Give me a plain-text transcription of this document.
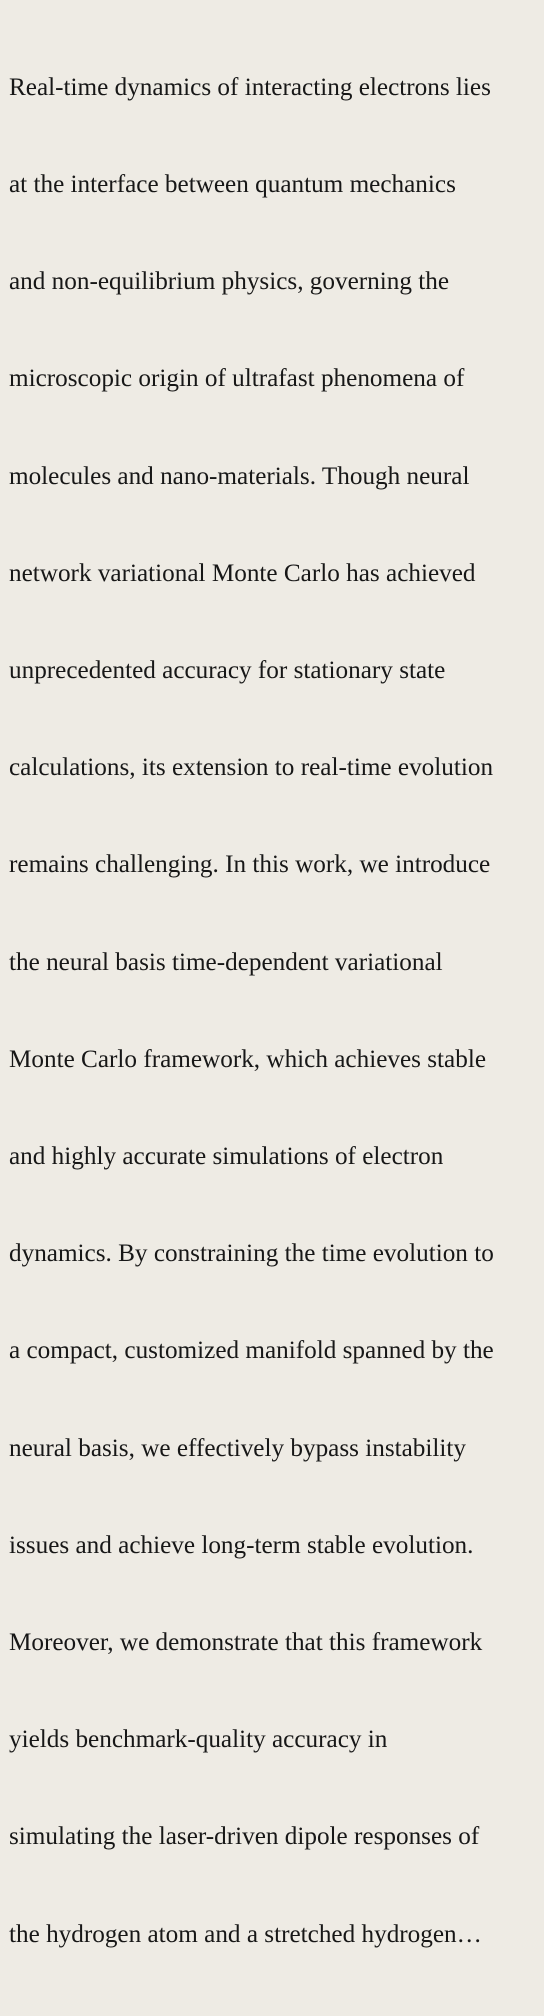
Real-time dynamics of interacting electrons lies

at the interface between quantum mechanics

and non-equilibrium physics, governing the

microscopic origin of ultrafast phenomena of

molecules and nano-materials. Though neural

network variational Monte Carlo has achieved

unprecedented accuracy for stationary state

calculations, its extension to real-time evolution

remains challenging. In this work, we introduce

the neural basis time-dependent variational

Monte Carlo framework, which achieves stable

and highly accurate simulations of electron

dynamics. By constraining the time evolution to

a compact, customized manifold spanned by the

neural basis, we effectively bypass instability

issues and achieve long-term stable evolution.

Moreover, we demonstrate that this framework

yields benchmark-quality accuracy in

simulating the laser-driven dipole responses of

the hydrogen atom and a stretched hydrogen…
